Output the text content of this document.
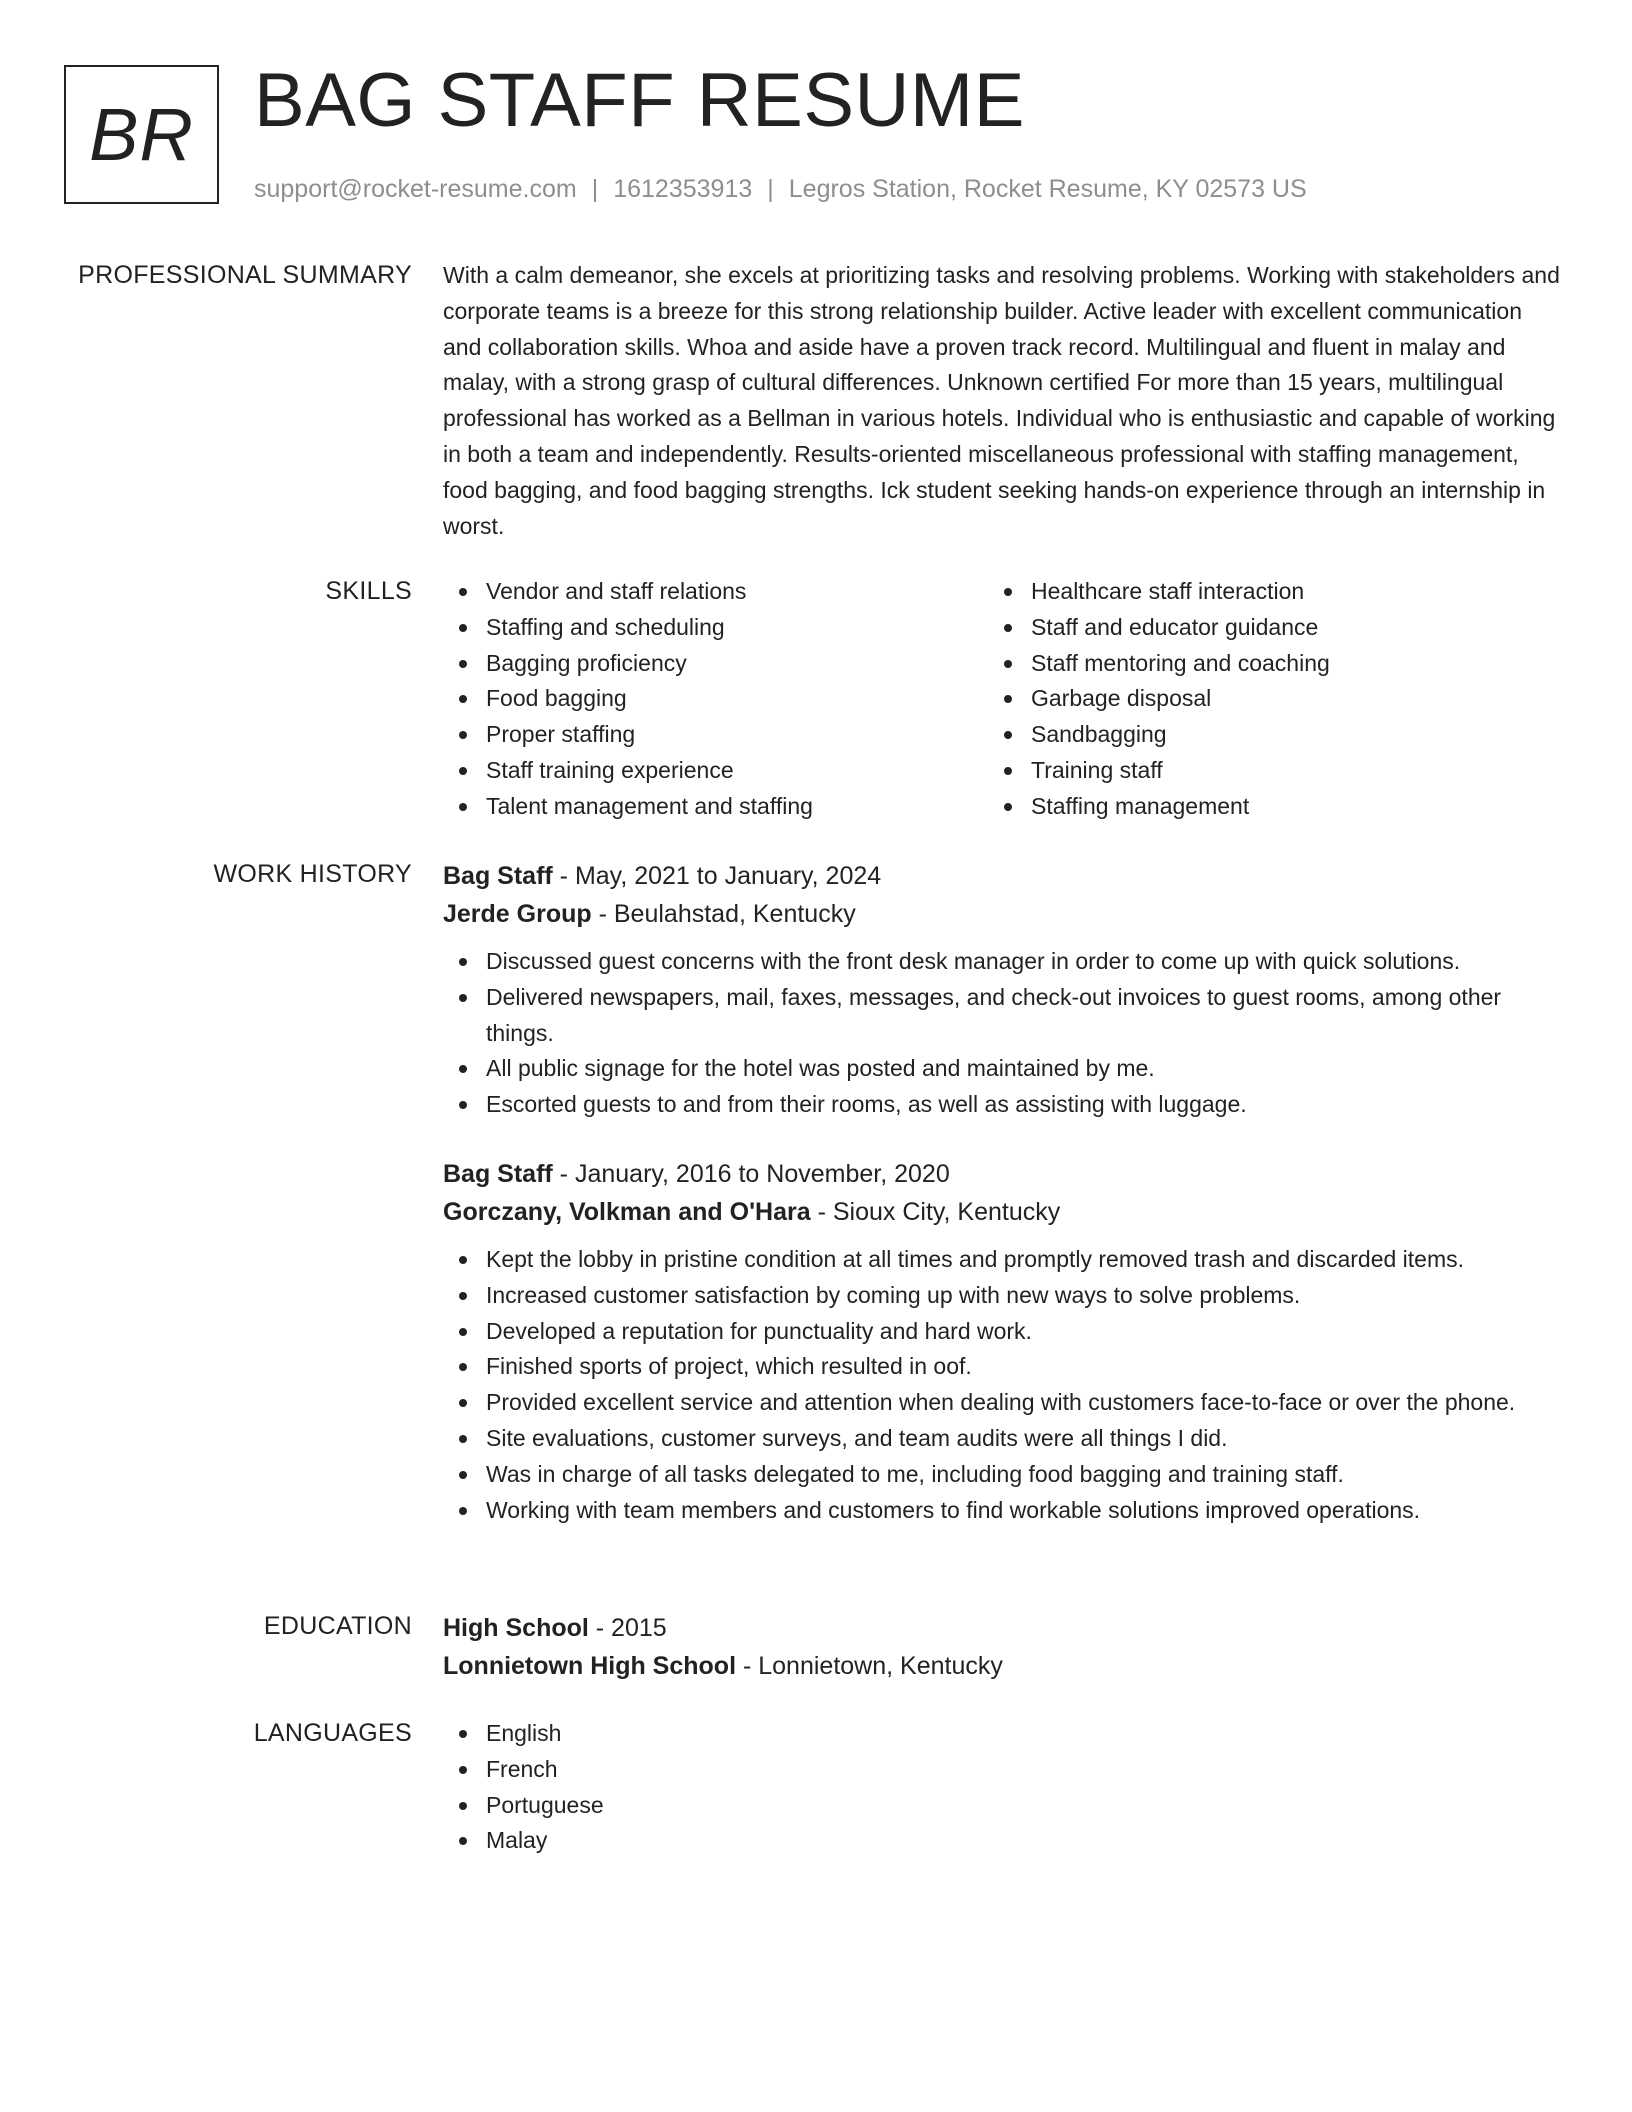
BR BAG STAFF RESUME
support@rocket-resume.com | 1612353913 | Legros Station, Rocket Resume, KY 02573 US
PROFESSIONAL SUMMARY With a calm demeanor, she excels at prioritizing tasks and resolving problems. Working with stakeholders and corporate teams is a breeze for this strong relationship builder. Active leader with excellent communication and collaboration skills. Whoa and aside have a proven track record. Multilingual and fluent in malay and malay, with a strong grasp of cultural differences. Unknown certified For more than 15 years, multilingual professional has worked as a Bellman in various hotels. Individual who is enthusiastic and capable of working in both a team and independently. Results-oriented miscellaneous professional with staffing management, food bagging, and food bagging strengths. Ick student seeking hands-on experience through an internship in worst.

SKILLS	Vendor and staff relations
Staffing and scheduling
Bagging proficiency
Food bagging
Proper staffing
Staff training experience
Talent management and staffing
Healthcare staff interaction
Staff and educator guidance
Staff mentoring and coaching
Garbage disposal
Sandbagging
Training staff
Staffing management
WORK HISTORY Bag Staff - May, 2021 to January, 2024
Jerde Group - Beulahstad, Kentucky
Discussed guest concerns with the front desk manager in order to come up with quick solutions.
Delivered newspapers, mail, faxes, messages, and check-out invoices to guest rooms, among other things.
All public signage for the hotel was posted and maintained by me.
Escorted guests to and from their rooms, as well as assisting with luggage.
Bag Staff - January, 2016 to November, 2020
Gorczany, Volkman and O'Hara - Sioux City, Kentucky
Kept the lobby in pristine condition at all times and promptly removed trash and discarded items.
Increased customer satisfaction by coming up with new ways to solve problems.
Developed a reputation for punctuality and hard work.
Finished sports of project, which resulted in oof.
Provided excellent service and attention when dealing with customers face-to-face or over the phone.
Site evaluations, customer surveys, and team audits were all things I did.
Was in charge of all tasks delegated to me, including food bagging and training staff.
Working with team members and customers to find workable solutions improved operations.
EDUCATION High School - 2015
Lonnietown High School - Lonnietown, Kentucky
LANGUAGES	English
French
Portuguese
Malay
